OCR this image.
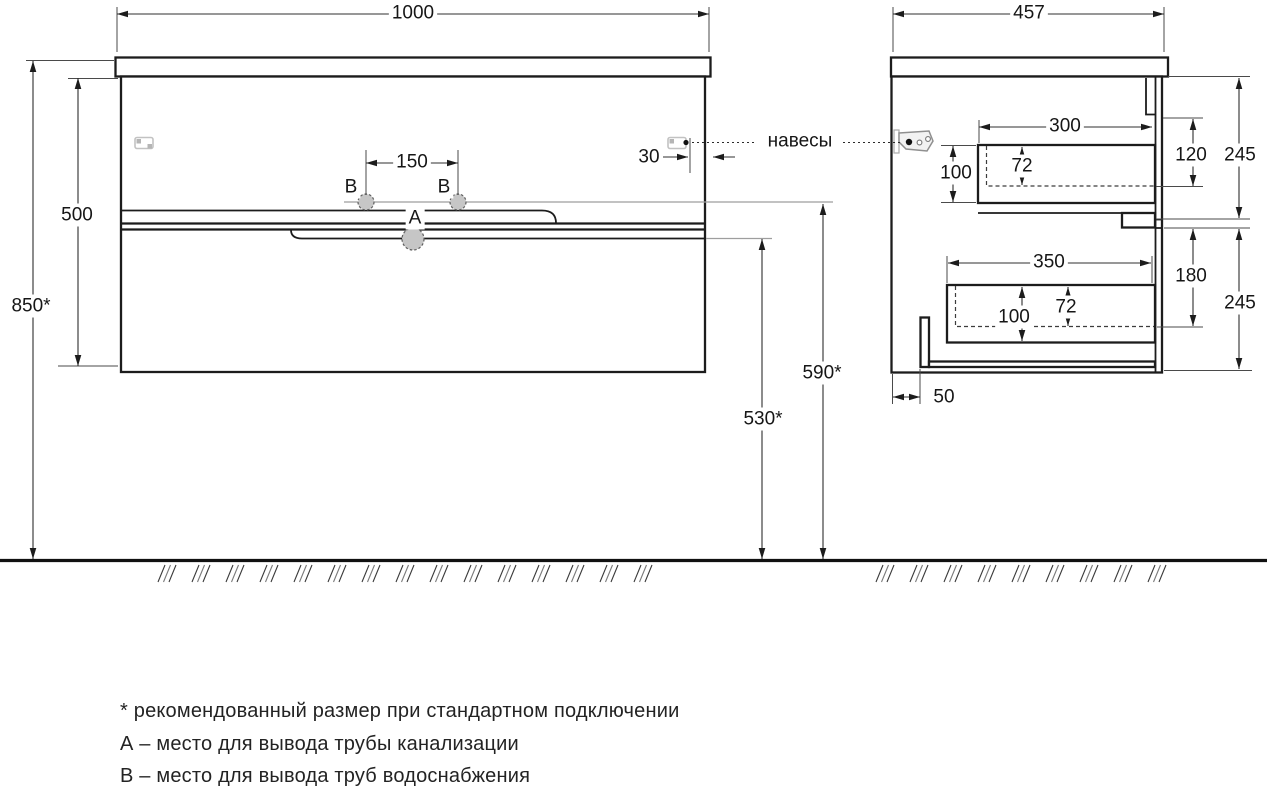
1000
500
850*
150	30
590*
530*
В	В
А
навесы
457
300
100 72
120 245
350
100 72
180
245
50
* рекомендованный размер при стандартном подключении
А – место для вывода трубы канализации
В – место для вывода труб водоснабжения
